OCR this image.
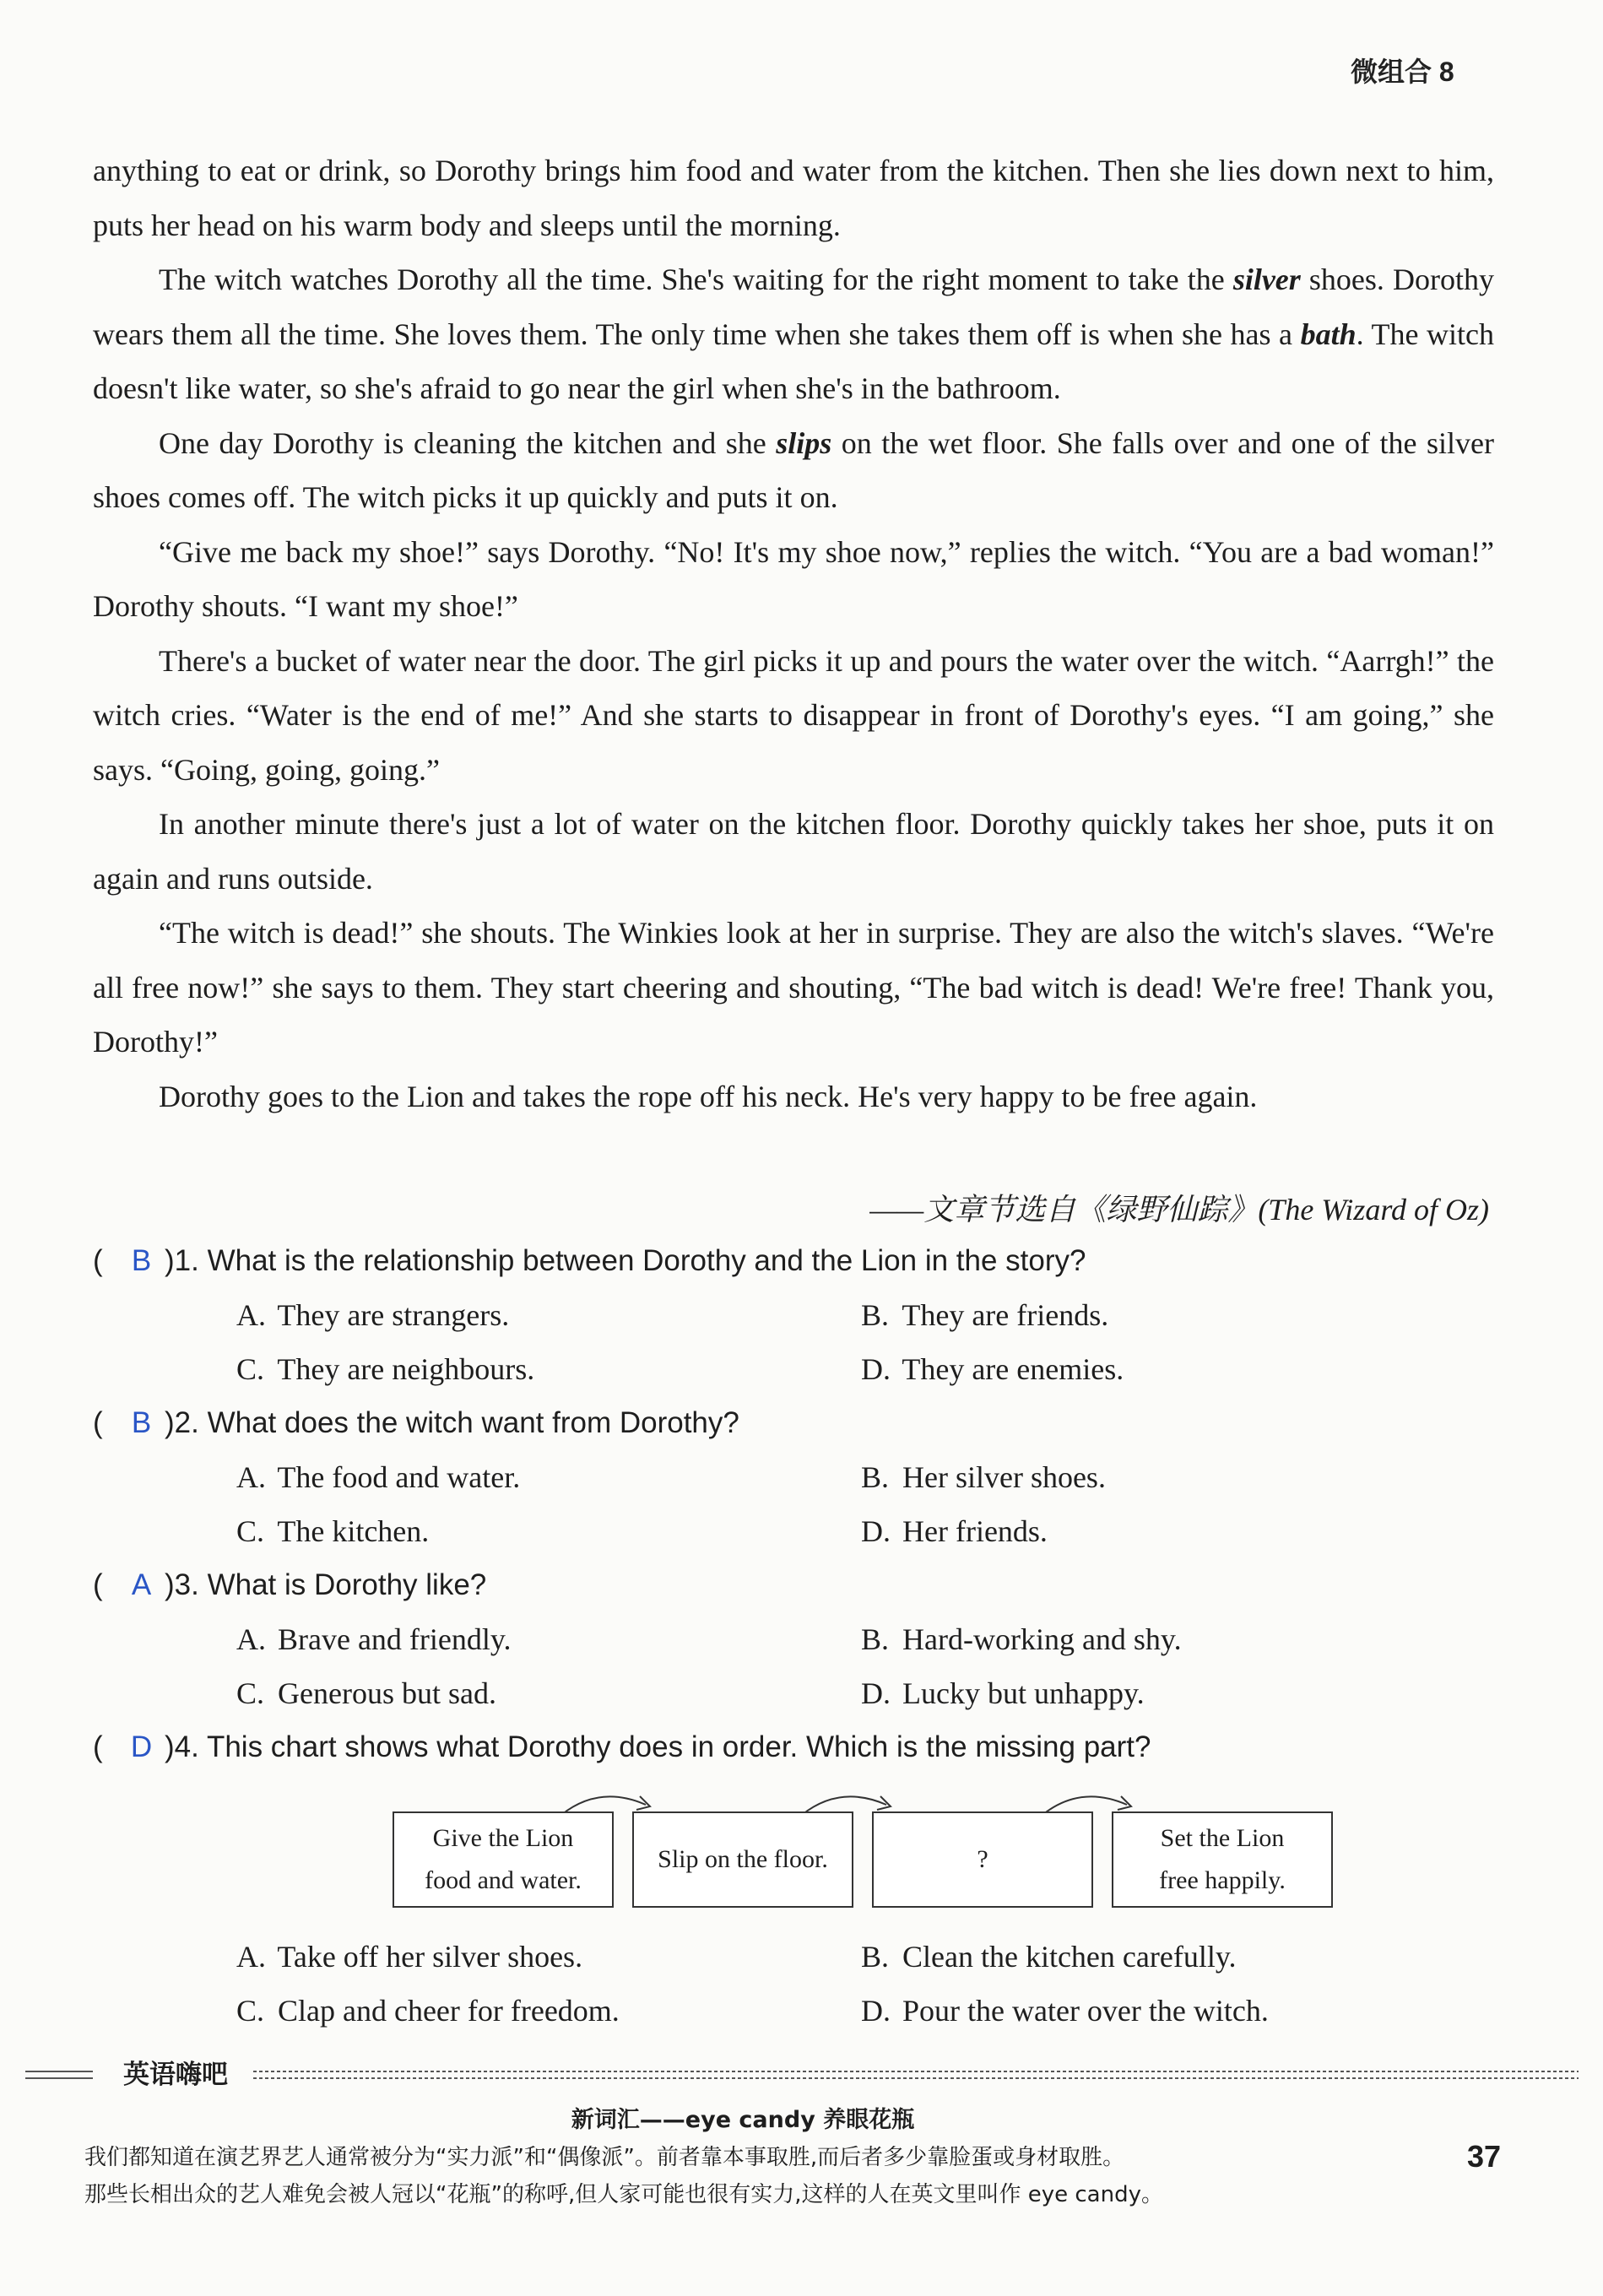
微组合 8

anything to eat or drink, so Dorothy brings him food and water from the kitchen. Then she lies down next to him, puts her head on his warm body and sleeps until the morning.

The witch watches Dorothy all the time. She's waiting for the right moment to take the silver shoes. Dorothy wears them all the time. She loves them. The only time when she takes them off is when she has a bath. The witch doesn't like water, so she's afraid to go near the girl when she's in the bathroom.

One day Dorothy is cleaning the kitchen and she slips on the wet floor. She falls over and one of the silver shoes comes off. The witch picks it up quickly and puts it on.

“Give me back my shoe!” says Dorothy. “No! It's my shoe now,” replies the witch. “You are a bad woman!” Dorothy shouts. “I want my shoe!”

There's a bucket of water near the door. The girl picks it up and pours the water over the witch. “Aarrgh!” the witch cries. “Water is the end of me!” And she starts to disappear in front of Dorothy's eyes. “I am going,” she says. “Going, going, going.”

In another minute there's just a lot of water on the kitchen floor. Dorothy quickly takes her shoe, puts it on again and runs outside.

“The witch is dead!” she shouts. The Winkies look at her in surprise. They are also the witch's slaves. “We're all free now!” she says to them. They start cheering and shouting, “The bad witch is dead! We're free! Thank you, Dorothy!”

Dorothy goes to the Lion and takes the rope off his neck. He's very happy to be free again.

——文章节选自《绿野仙踪》(The Wizard of Oz)
( B )1. What is the relationship between Dorothy and the Lion in the story?
A. They are strangers.	B. They are friends.
C. They are neighbours.	D. They are enemies.
( B )2. What does the witch want from Dorothy?
A. The food and water.	B. Her silver shoes.
C. The kitchen.	D. Her friends.
( A )3. What is Dorothy like?
A. Brave and friendly.	B. Hard-working and shy.
C. Generous but sad.	D. Lucky but unhappy.
( D )4. This chart shows what Dorothy does in order. Which is the missing part?
Give the Lion
food and water.
Slip on the floor.	?
Set the Lion
free happily.
A. Take off her silver shoes.	B. Clean the kitchen carefully.
C. Clap and cheer for freedom.	D. Pour the water over the witch.
英语嗨吧
新词汇——eye candy 养眼花瓶
我们都知道在演艺界艺人通常被分为“实力派”和“偶像派”。前者靠本事取胜,而后者多少靠脸蛋或身材取胜。
那些长相出众的艺人难免会被人冠以“花瓶”的称呼,但人家可能也很有实力,这样的人在英文里叫作 eye candy。
37
